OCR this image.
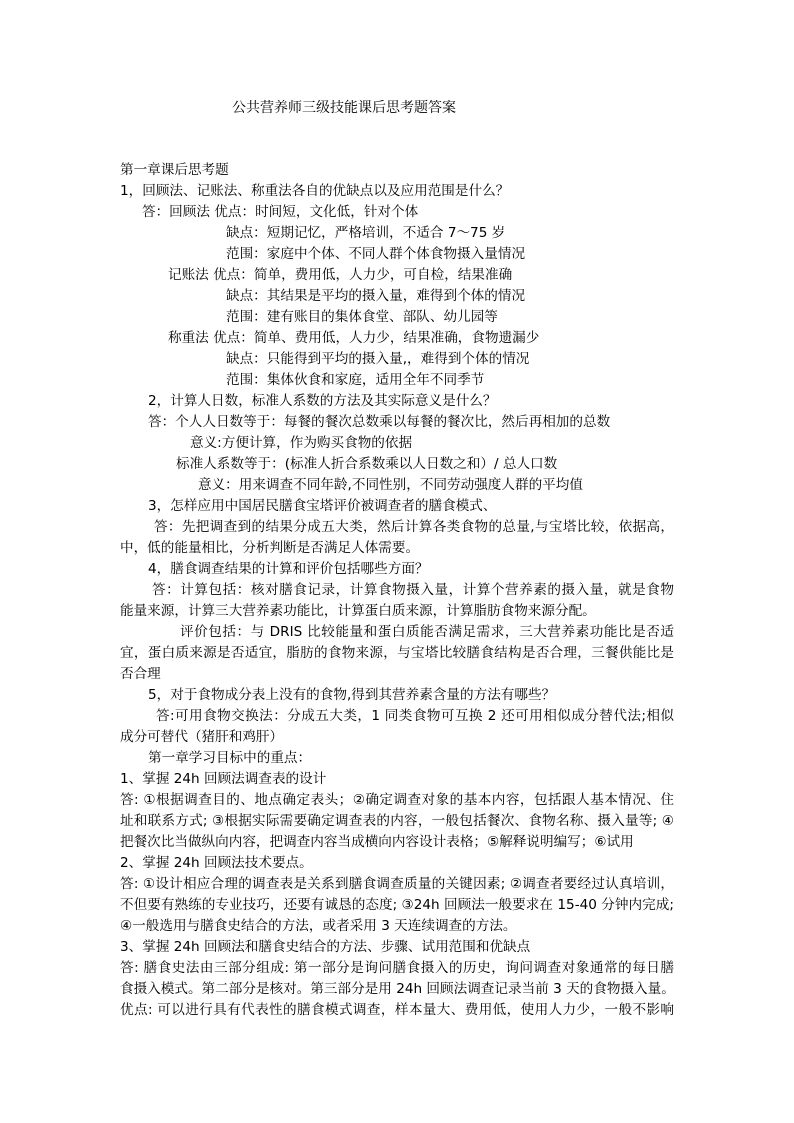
公共营养师三级技能课后思考题答案
第一章课后思考题
1，回顾法、记账法、称重法各自的优缺点以及应用范围是什么？
答：回顾法 优点：时间短，文化低，针对个体
缺点：短期记忆，严格培训，不适合 7～75 岁
范围：家庭中个体、不同人群个体食物摄入量情况
记账法 优点：简单，费用低，人力少，可自检，结果准确
缺点：其结果是平均的摄入量，难得到个体的情况
范围：建有账目的集体食堂、部队、幼儿园等
称重法 优点：简单、费用低，人力少，结果准确，食物遗漏少
缺点：只能得到平均的摄入量,，难得到个体的情况
范围：集体伙食和家庭，适用全年不同季节
2，计算人日数，标准人系数的方法及其实际意义是什么？
答：个人人日数等于：每餐的餐次总数乘以每餐的餐次比，然后再相加的总数
意义:方便计算，作为购买食物的依据
标准人系数等于：(标准人折合系数乘以人日数之和）/ 总人口数
意义：用来调查不同年龄,不同性别，不同劳动强度人群的平均值
3，怎样应用中国居民膳食宝塔评价被调查者的膳食模式、
答：先把调查到的结果分成五大类，然后计算各类食物的总量,与宝塔比较，依据高，
中，低的能量相比，分析判断是否满足人体需要。
4，膳食调查结果的计算和评价包括哪些方面？
答：计算包括：核对膳食记录，计算食物摄入量，计算个营养素的摄入量，就是食物
能量来源，计算三大营养素功能比，计算蛋白质来源，计算脂肪食物来源分配。
评价包括：与 DRIS 比较能量和蛋白质能否满足需求，三大营养素功能比是否适
宜，蛋白质来源是否适宜，脂肪的食物来源，与宝塔比较膳食结构是否合理，三餐供能比是
否合理
5，对于食物成分表上没有的食物,得到其营养素含量的方法有哪些？
答:可用食物交换法：分成五大类，1 同类食物可互换 2 还可用相似成分替代法;相似
成分可替代（猪肝和鸡肝）
第一章学习目标中的重点：
1、掌握 24h 回顾法调查表的设计
答: ①根据调查目的、地点确定表头；②确定调查对象的基本内容，包括跟人基本情况、住
址和联系方式; ③根据实际需要确定调查表的内容，一般包括餐次、食物名称、摄入量等; ④
把餐次比当做纵向内容，把调查内容当成横向内容设计表格；⑤解释说明编写；⑥试用
2、掌握 24h 回顾法技术要点。
答: ①设计相应合理的调查表是关系到膳食调查质量的关键因素; ②调查者要经过认真培训，
不但要有熟练的专业技巧，还要有诚恳的态度; ③24h 回顾法一般要求在 15-40 分钟内完成;
④一般选用与膳食史结合的方法，或者采用 3 天连续调查的方法。
3、掌握 24h 回顾法和膳食史结合的方法、步骤、试用范围和优缺点
答: 膳食史法由三部分组成: 第一部分是询问膳食摄入的历史，询问调查对象通常的每日膳
食摄入模式。第二部分是核对。第三部分是用 24h 回顾法调查记录当前 3 天的食物摄入量。
优点: 可以进行具有代表性的膳食模式调查，样本量大、费用低，使用人力少，一般不影响
